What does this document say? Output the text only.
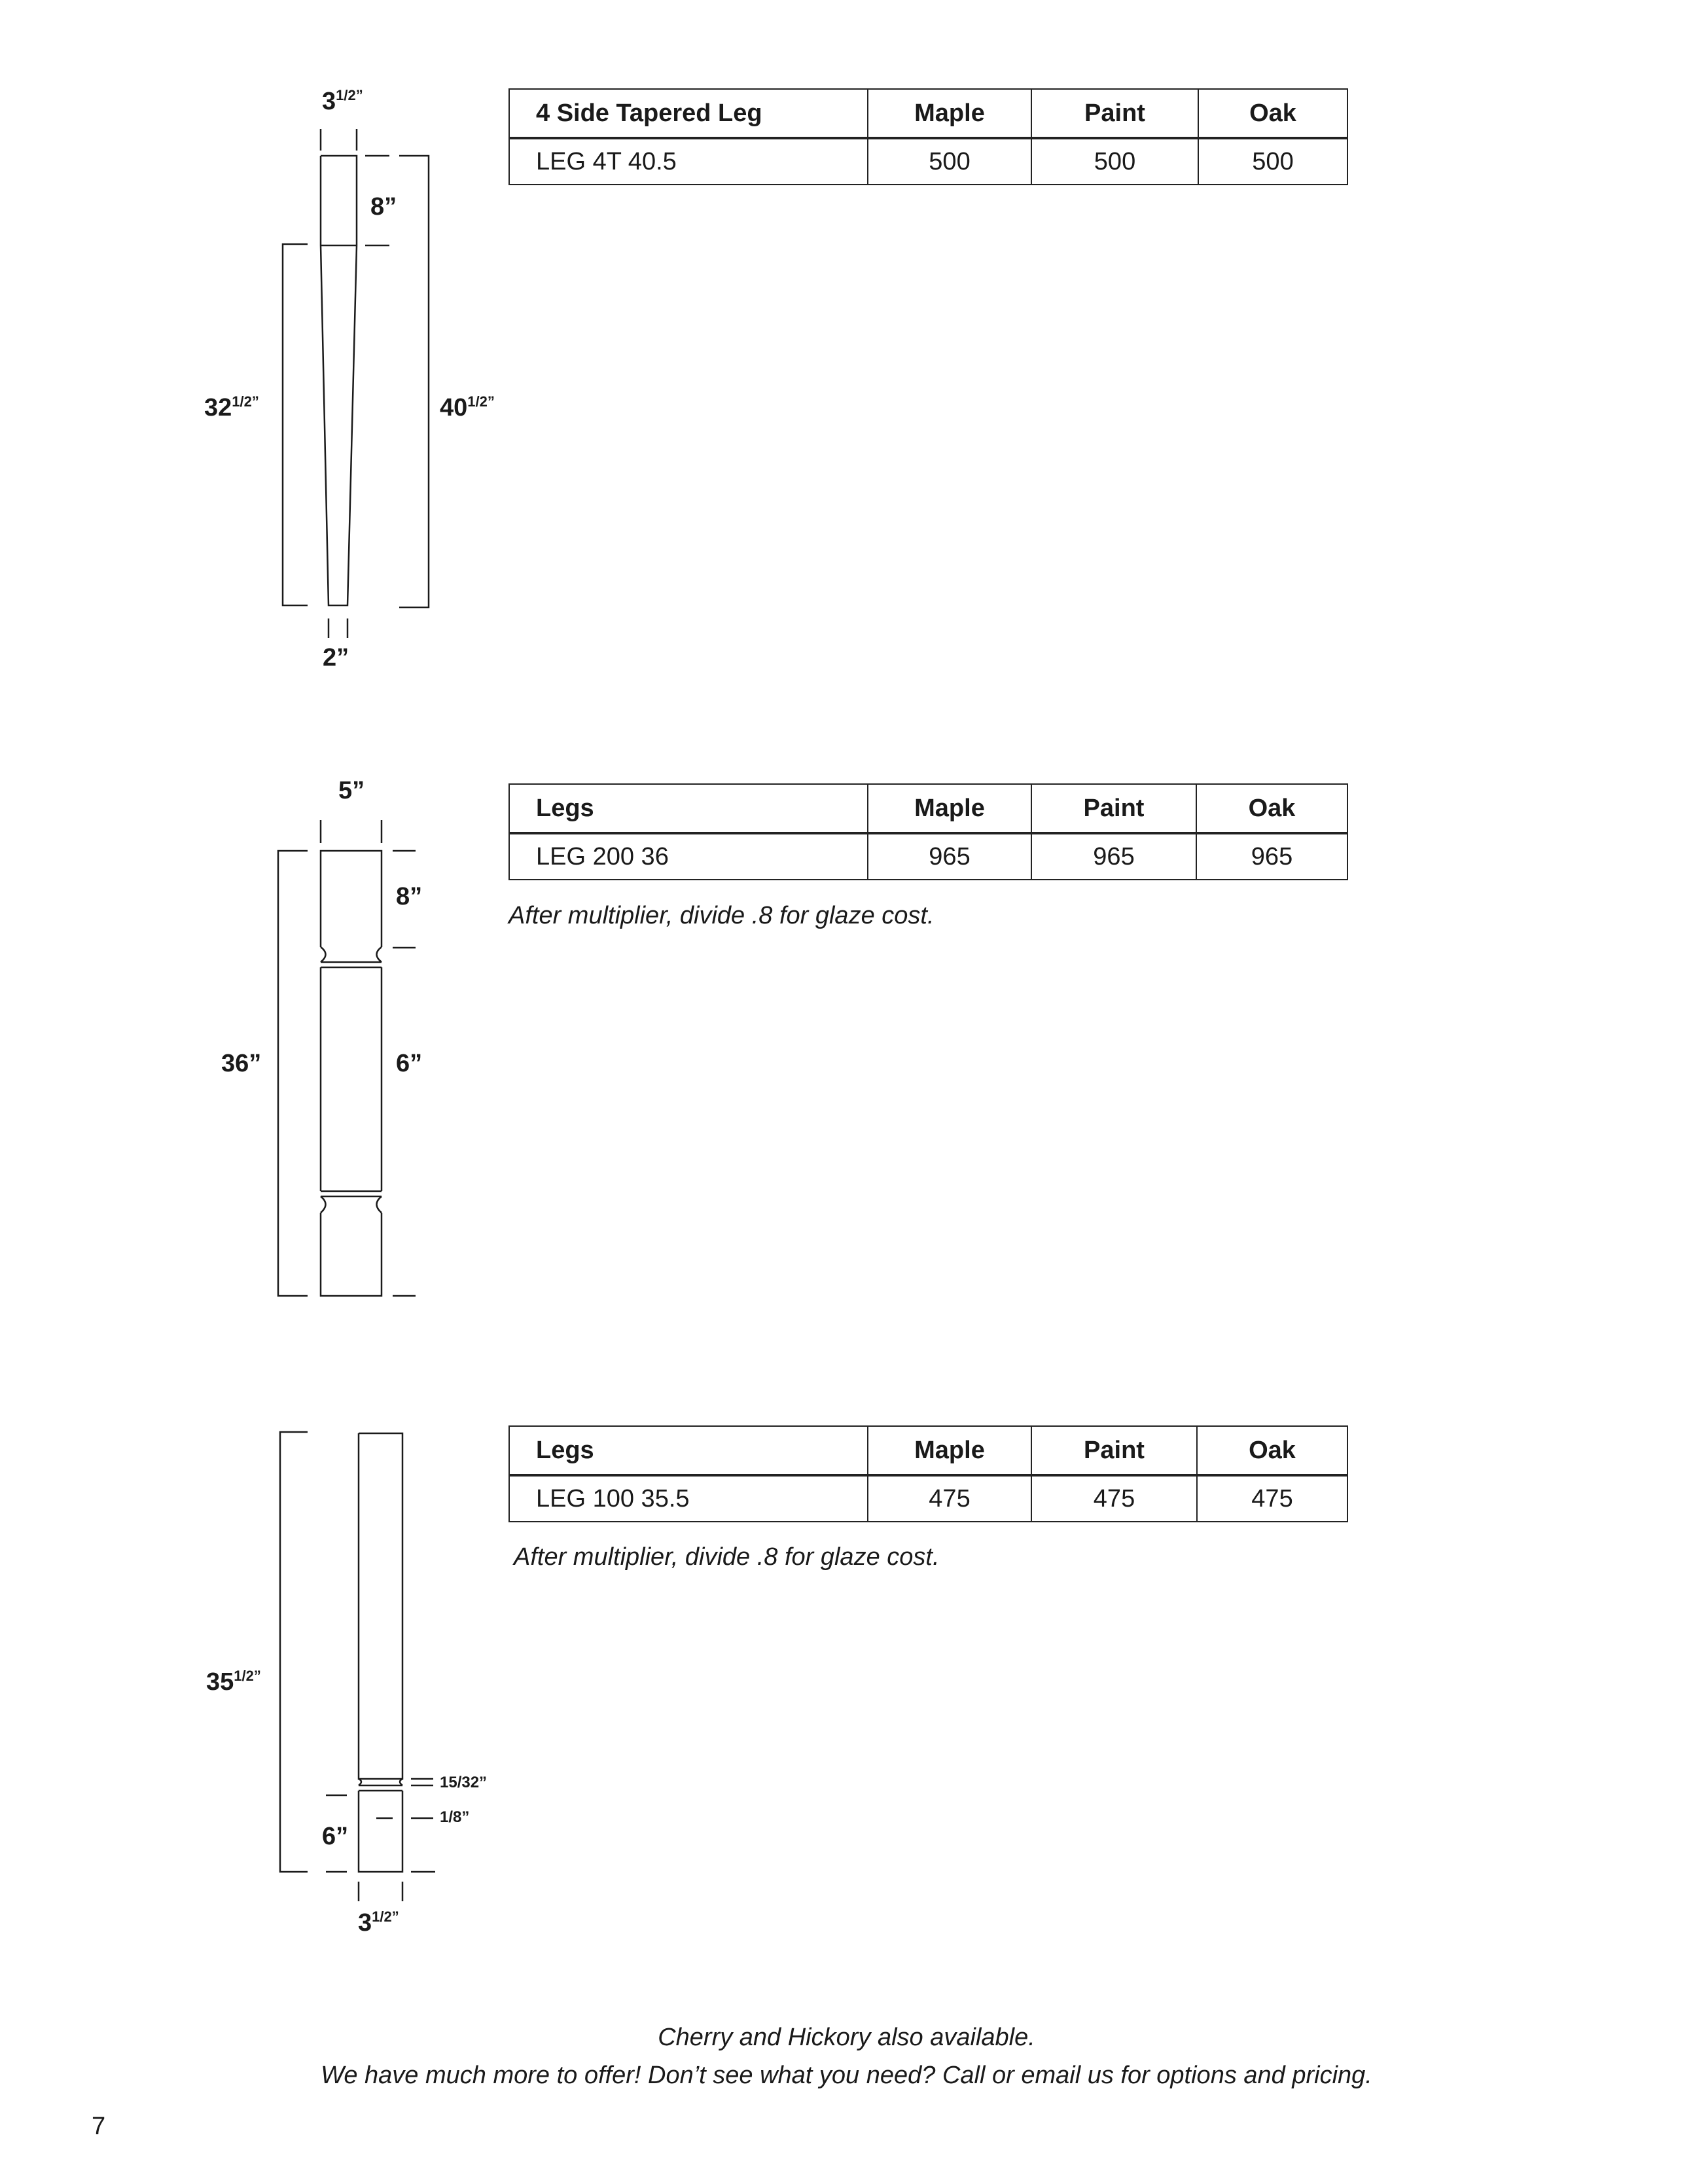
$3^{1/2”}$
8”
$32^{1/2”}$	$40^{1/2”}$
2”
5”
8”
36”	6”
$35^{1/2”}$
6”
15/32”
1/8”
$3^{1/2”}$
4 Side Tapered Leg	Maple	Paint	Oak
LEG 4T 40.5	500	500	500
Legs	Maple	Paint	Oak
LEG 200 36	965	965	965
After multiplier, divide .8 for glaze cost.
Legs	Maple	Paint	Oak
LEG 100 35.5	475	475	475
After multiplier, divide .8 for glaze cost.
Cherry and Hickory also available.
We have much more to offer! Don’t see what you need? Call or email us for options and pricing.
7
